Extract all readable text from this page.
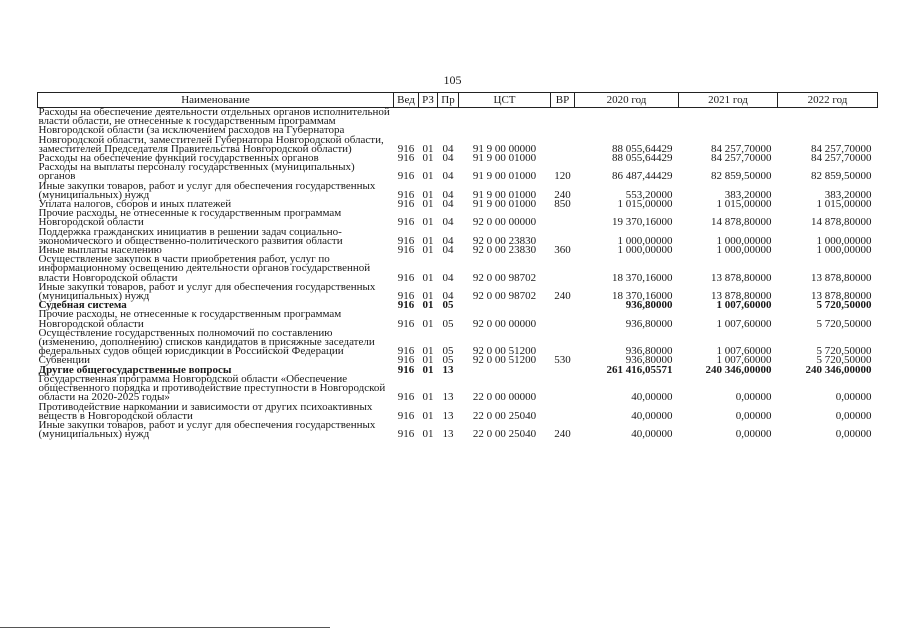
105
Наименование	Вед	РЗ	Пр	ЦСТ	ВР	2020 год	2021 год	2022 год
Расходы на обеспечение деятельности отдельных органов исполнительной власти области, не отнесенные к государственным программам Новгородской области (за исключением расходов на Губернатора Новгородской области, заместителей Губернатора Новгородской области, заместителей Председателя Правительства Новгородской области)	916	01	04	91 9 00 00000		88 055,64429	84 257,70000	84 257,70000
Расходы на обеспечение функций государственных органов	916	01	04	91 9 00 01000		88 055,64429	84 257,70000	84 257,70000
Расходы на выплаты персоналу государственных (муниципальных) органов	916	01	04	91 9 00 01000	120	86 487,44429	82 859,50000	82 859,50000
Иные закупки товаров, работ и услуг для обеспечения государственных (муниципальных) нужд	916	01	04	91 9 00 01000	240	553,20000	383,20000	383,20000
Уплата налогов, сборов и иных платежей	916	01	04	91 9 00 01000	850	1 015,00000	1 015,00000	1 015,00000
Прочие расходы, не отнесенные к государственным программам Новгородской области	916	01	04	92 0 00 00000		19 370,16000	14 878,80000	14 878,80000
Поддержка гражданских инициатив в решении задач социально-экономического и общественно-политического развития области	916	01	04	92 0 00 23830		1 000,00000	1 000,00000	1 000,00000
Иные выплаты населению	916	01	04	92 0 00 23830	360	1 000,00000	1 000,00000	1 000,00000
Осуществление закупок в части приобретения работ, услуг по информационному освещению деятельности органов государственной власти Новгородской области	916	01	04	92 0 00 98702		18 370,16000	13 878,80000	13 878,80000
Иные закупки товаров, работ и услуг для обеспечения государственных (муниципальных) нужд	916	01	04	92 0 00 98702	240	18 370,16000	13 878,80000	13 878,80000
Судебная система	916	01	05			936,80000	1 007,60000	5 720,50000
Прочие расходы, не отнесенные к государственным программам Новгородской области	916	01	05	92 0 00 00000		936,80000	1 007,60000	5 720,50000
Осуществление государственных полномочий по составлению (изменению, дополнению) списков кандидатов в присяжные заседатели федеральных судов общей юрисдикции в Российской Федерации	916	01	05	92 0 00 51200		936,80000	1 007,60000	5 720,50000
Субвенции	916	01	05	92 0 00 51200	530	936,80000	1 007,60000	5 720,50000
Другие общегосударственные вопросы	916	01	13			261 416,05571	240 346,00000	240 346,00000
Государственная программа Новгородской области «Обеспечение общественного порядка и противодействие преступности в Новгородской области на 2020-2025 годы»	916	01	13	22 0 00 00000		40,00000	0,00000	0,00000
Противодействие наркомании и зависимости от других психоактивных веществ в Новгородской области	916	01	13	22 0 00 25040		40,00000	0,00000	0,00000
Иные закупки товаров, работ и услуг для обеспечения государственных (муниципальных) нужд	916	01	13	22 0 00 25040	240	40,00000	0,00000	0,00000
